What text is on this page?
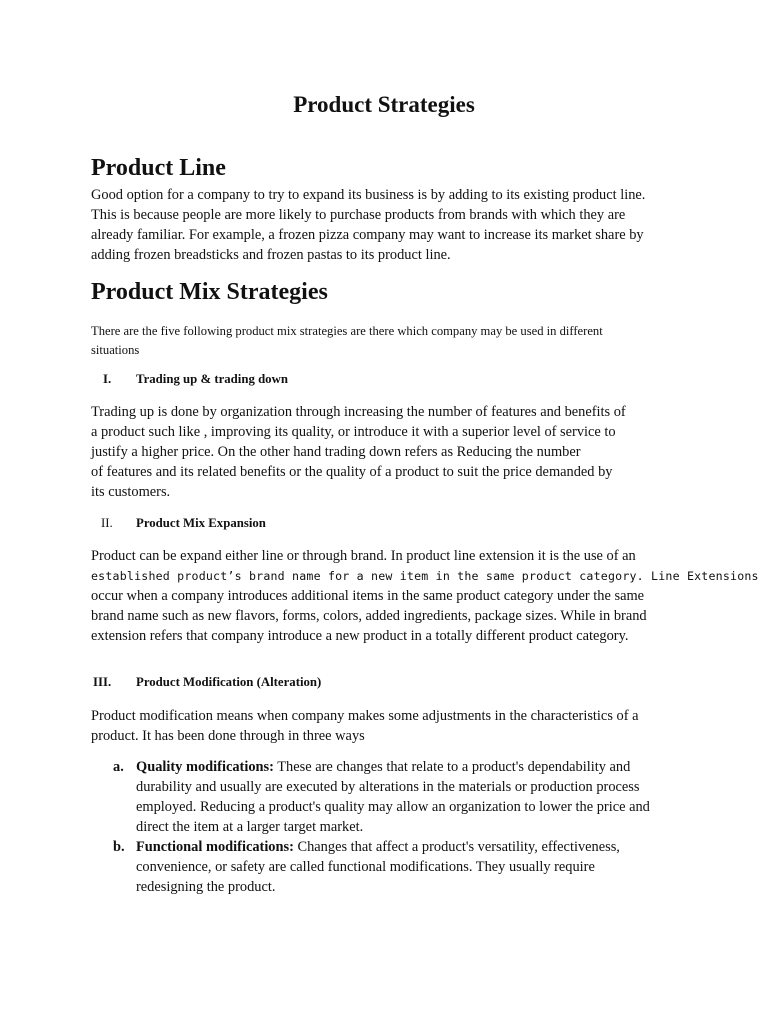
Product Strategies
Product Line
Good option for a company to try to expand its business is by adding to its existing product line.
This is because people are more likely to purchase products from brands with which they are
already familiar. For example, a frozen pizza company may want to increase its market share by
adding frozen breadsticks and frozen pastas to its product line.
Product Mix Strategies
There are the five following product mix strategies are there which company may be used in different
situations
I. Trading up & trading down
Trading up is done by organization through increasing the number of features and benefits of
a product such like , improving its quality, or introduce it with a superior level of service to
justify a higher price. On the other hand trading down refers as Reducing the number
of features and its related benefits or the quality of a product to suit the price demanded by
its customers.
II. Product Mix Expansion
Product can be expand either line or through brand. In product line extension it is the use of an
established product’s brand name for a new item in the same product category. Line Extensions
occur when a company introduces additional items in the same product category under the same
brand name such as new flavors, forms, colors, added ingredients, package sizes. While in brand
extension refers that company introduce a new product in a totally different product category.
III. Product Modification (Alteration)
Product modification means when company makes some adjustments in the characteristics of a
product. It has been done through in three ways
a. Quality modifications: These are changes that relate to a product's dependability and
durability and usually are executed by alterations in the materials or production process
employed. Reducing a product's quality may allow an organization to lower the price and
direct the item at a larger target market.
b. Functional modifications: Changes that affect a product's versatility, effectiveness,
convenience, or safety are called functional modifications. They usually require
redesigning the product.
